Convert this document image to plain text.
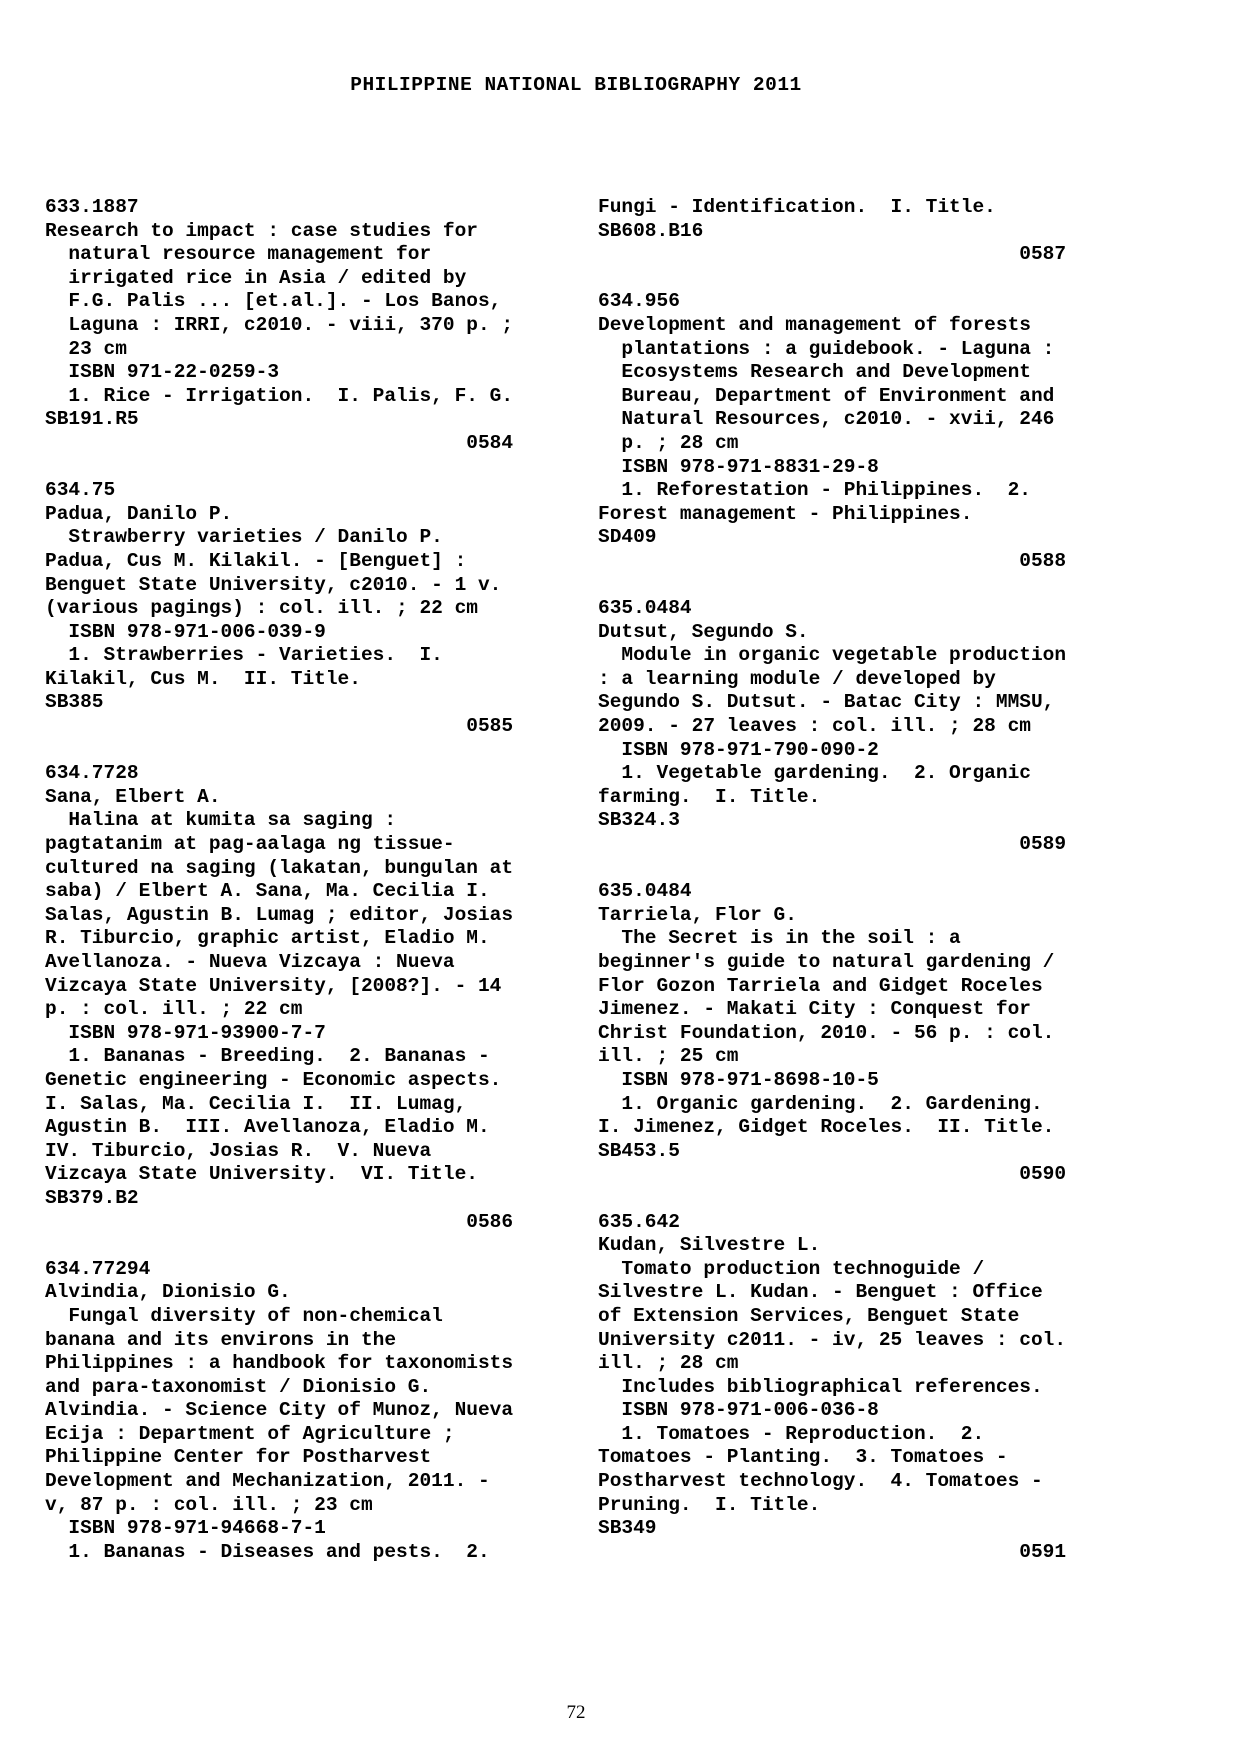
PHILIPPINE NATIONAL BIBLIOGRAPHY 2011
633.1887
Research to impact : case studies for
natural resource management for
irrigated rice in Asia / edited by
F.G. Palis ... [et.al.]. - Los Banos,
Laguna : IRRI, c2010. - viii, 370 p. ;
23 cm
ISBN 971-22-0259-3
1. Rice - Irrigation.  I. Palis, F. G.
SB191.R5
0584
634.75
Padua, Danilo P.
Strawberry varieties / Danilo P.
Padua, Cus M. Kilakil. - [Benguet] :
Benguet State University, c2010. - 1 v.
(various pagings) : col. ill. ; 22 cm
ISBN 978-971-006-039-9
1. Strawberries - Varieties.  I.
Kilakil, Cus M.  II. Title.
SB385
0585
634.7728
Sana, Elbert A.
Halina at kumita sa saging :
pagtatanim at pag-aalaga ng tissue-
cultured na saging (lakatan, bungulan at
saba) / Elbert A. Sana, Ma. Cecilia I.
Salas, Agustin B. Lumag ; editor, Josias
R. Tiburcio, graphic artist, Eladio M.
Avellanoza. - Nueva Vizcaya : Nueva
Vizcaya State University, [2008?]. - 14
p. : col. ill. ; 22 cm
ISBN 978-971-93900-7-7
1. Bananas - Breeding.  2. Bananas -
Genetic engineering - Economic aspects.
I. Salas, Ma. Cecilia I.  II. Lumag,
Agustin B.  III. Avellanoza, Eladio M.
IV. Tiburcio, Josias R.  V. Nueva
Vizcaya State University.  VI. Title.
SB379.B2
0586
634.77294
Alvindia, Dionisio G.
Fungal diversity of non-chemical
banana and its environs in the
Philippines : a handbook for taxonomists
and para-taxonomist / Dionisio G.
Alvindia. - Science City of Munoz, Nueva
Ecija : Department of Agriculture ;
Philippine Center for Postharvest
Development and Mechanization, 2011. -
v, 87 p. : col. ill. ; 23 cm
ISBN 978-971-94668-7-1
1. Bananas - Diseases and pests.  2.
Fungi - Identification.  I. Title.
SB608.B16
0587
634.956
Development and management of forests
plantations : a guidebook. - Laguna :
Ecosystems Research and Development
Bureau, Department of Environment and
Natural Resources, c2010. - xvii, 246
p. ; 28 cm
ISBN 978-971-8831-29-8
1. Reforestation - Philippines.  2.
Forest management - Philippines.
SD409
0588
635.0484
Dutsut, Segundo S.
Module in organic vegetable production
: a learning module / developed by
Segundo S. Dutsut. - Batac City : MMSU,
2009. - 27 leaves : col. ill. ; 28 cm
ISBN 978-971-790-090-2
1. Vegetable gardening.  2. Organic
farming.  I. Title.
SB324.3
0589
635.0484
Tarriela, Flor G.
The Secret is in the soil : a
beginner's guide to natural gardening /
Flor Gozon Tarriela and Gidget Roceles
Jimenez. - Makati City : Conquest for
Christ Foundation, 2010. - 56 p. : col.
ill. ; 25 cm
ISBN 978-971-8698-10-5
1. Organic gardening.  2. Gardening.
I. Jimenez, Gidget Roceles.  II. Title.
SB453.5
0590
635.642
Kudan, Silvestre L.
Tomato production technoguide /
Silvestre L. Kudan. - Benguet : Office
of Extension Services, Benguet State
University c2011. - iv, 25 leaves : col.
ill. ; 28 cm
Includes bibliographical references.
ISBN 978-971-006-036-8
1. Tomatoes - Reproduction.  2.
Tomatoes - Planting.  3. Tomatoes -
Postharvest technology.  4. Tomatoes -
Pruning.  I. Title.
SB349
0591
72
